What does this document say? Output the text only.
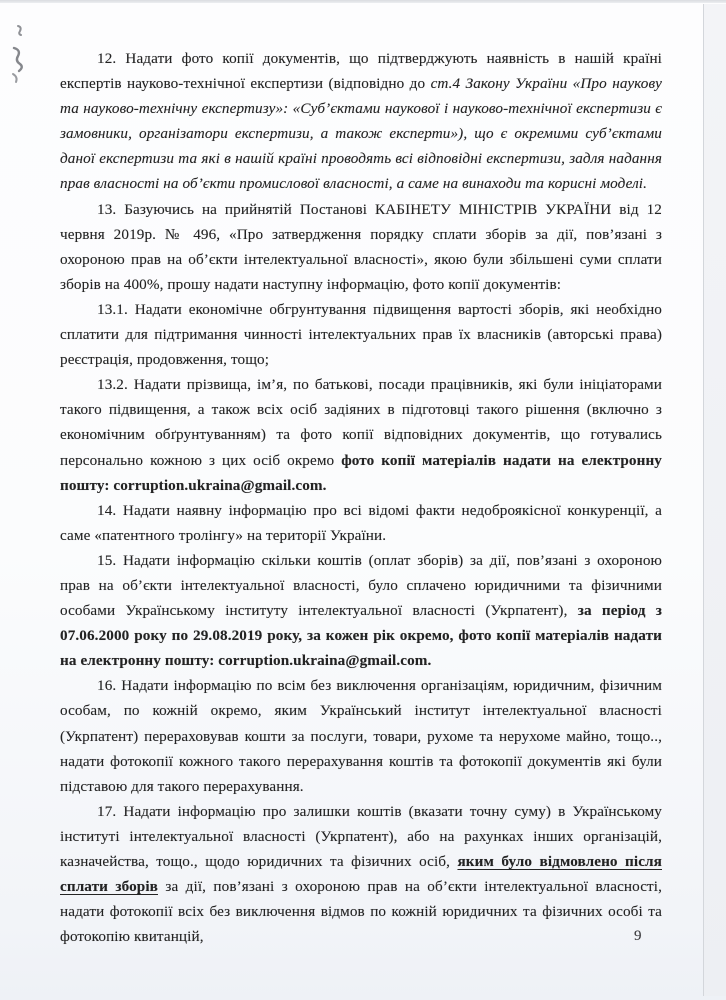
12. Надати фото копії документів, що підтверджують наявність в нашій країні експертів науково-технічної експертизи (відповідно до ст.4 Закону України «Про наукову та науково-технічну експертизу»: «Суб’єктами наукової і науково-технічної експертизи є замовники, організатори експертизи, а також експерти»), що є окремими суб’єктами даної експертизи та які в нашій країні проводять всі відповідні експертизи, задля надання прав власності на об’єкти промислової власності, а саме на винаходи та корисні моделі.

13. Базуючись на прийнятій Постанові КАБІНЕТУ МІНІСТРІВ УКРАЇНИ від 12 червня 2019р. № 496, «Про затвердження порядку сплати зборів за дії, пов’язані з охороною прав на об’єкти інтелектуальної власності», якою були збільшені суми сплати зборів на 400%, прошу надати наступну інформацію, фото копії документів:

13.1. Надати економічне обгрунтування підвищення вартості зборів, які необхідно сплатити для підтримання чинності інтелектуальних прав їх власників (авторські права) реєстрація, продовження, тощо;

13.2. Надати прізвища, ім’я, по батькові, посади працівників, які були ініціаторами такого підвищення, а також всіх осіб задіяних в підготовці такого рішення (включно з економічним обґрунтуванням) та фото копії відповідних документів, що готувались персонально кожною з цих осіб окремо фото копії матеріалів надати на електронну пошту: corruption.ukraina@gmail.com.

14. Надати наявну інформацію про всі відомі факти недоброякісної конкуренції, а саме «патентного тролінгу» на території України.

15. Надати інформацію скільки коштів (оплат зборів) за дії, пов’язані з охороною прав на об’єкти інтелектуальної власності, було сплачено юридичними та фізичними особами Українському інституту інтелектуальної власності (Укрпатент), за період з 07.06.2000 року по 29.08.2019 року, за кожен рік окремо, фото копії матеріалів надати на електронну пошту: corruption.ukraina@gmail.com.

16. Надати інформацію по всім без виключення організаціям, юридичним, фізичним особам, по кожній окремо, яким Український інститут інтелектуальної власності (Укрпатент) перераховував кошти за послуги, товари, рухоме та нерухоме майно, тощо.., надати фотокопії кожного такого перерахування коштів та фотокопії документів які були підставою для такого перерахування.

17. Надати інформацію про залишки коштів (вказати точну суму) в Українському інституті інтелектуальної власності (Укрпатент), або на рахунках інших організацій, казначейства, тощо., щодо юридичних та фізичних осіб, яким було відмовлено після сплати зборів за дії, пов’язані з охороною прав на об’єкти інтелектуальної власності, надати фотокопії всіх без виключення відмов по кожній юридичних та фізичних особі та фотокопію квитанцій,	9
